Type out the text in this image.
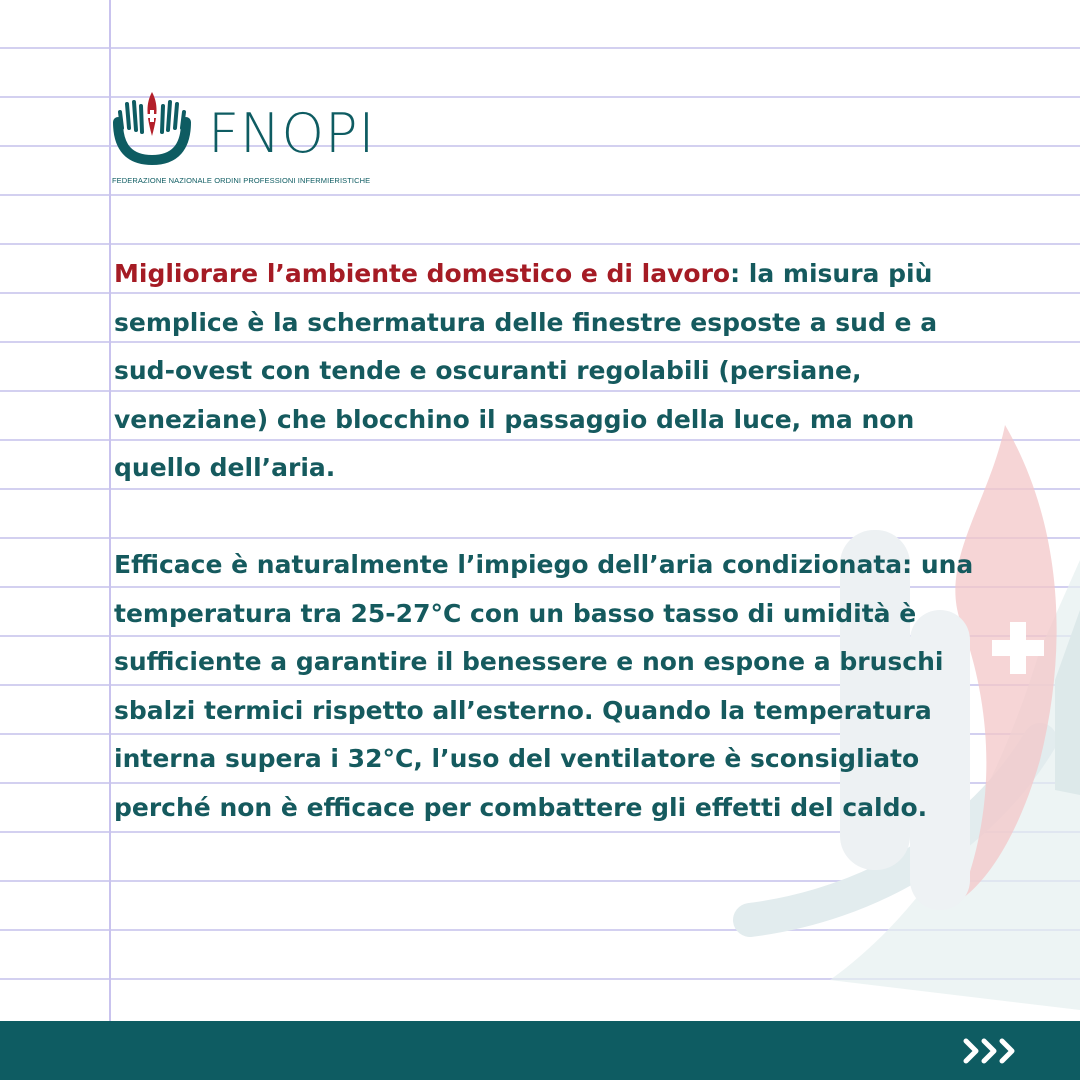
FNOPI
FEDERAZIONE NAZIONALE ORDINI PROFESSIONI INFERMIERISTICHE

Migliorare l’ambiente domestico e di lavoro: la misura più semplice è la schermatura delle finestre esposte a sud e a sud-ovest con tende e oscuranti regolabili (persiane, veneziane) che blocchino il passaggio della luce, ma non quello dell’aria.

Efficace è naturalmente l’impiego dell’aria condizionata: una temperatura tra 25-27°C con un basso tasso di umidità è sufficiente a garantire il benessere e non espone a bruschi sbalzi termici rispetto all’esterno. Quando la temperatura interna supera i 32°C, l’uso del ventilatore è sconsigliato perché non è efficace per combattere gli effetti del caldo.
